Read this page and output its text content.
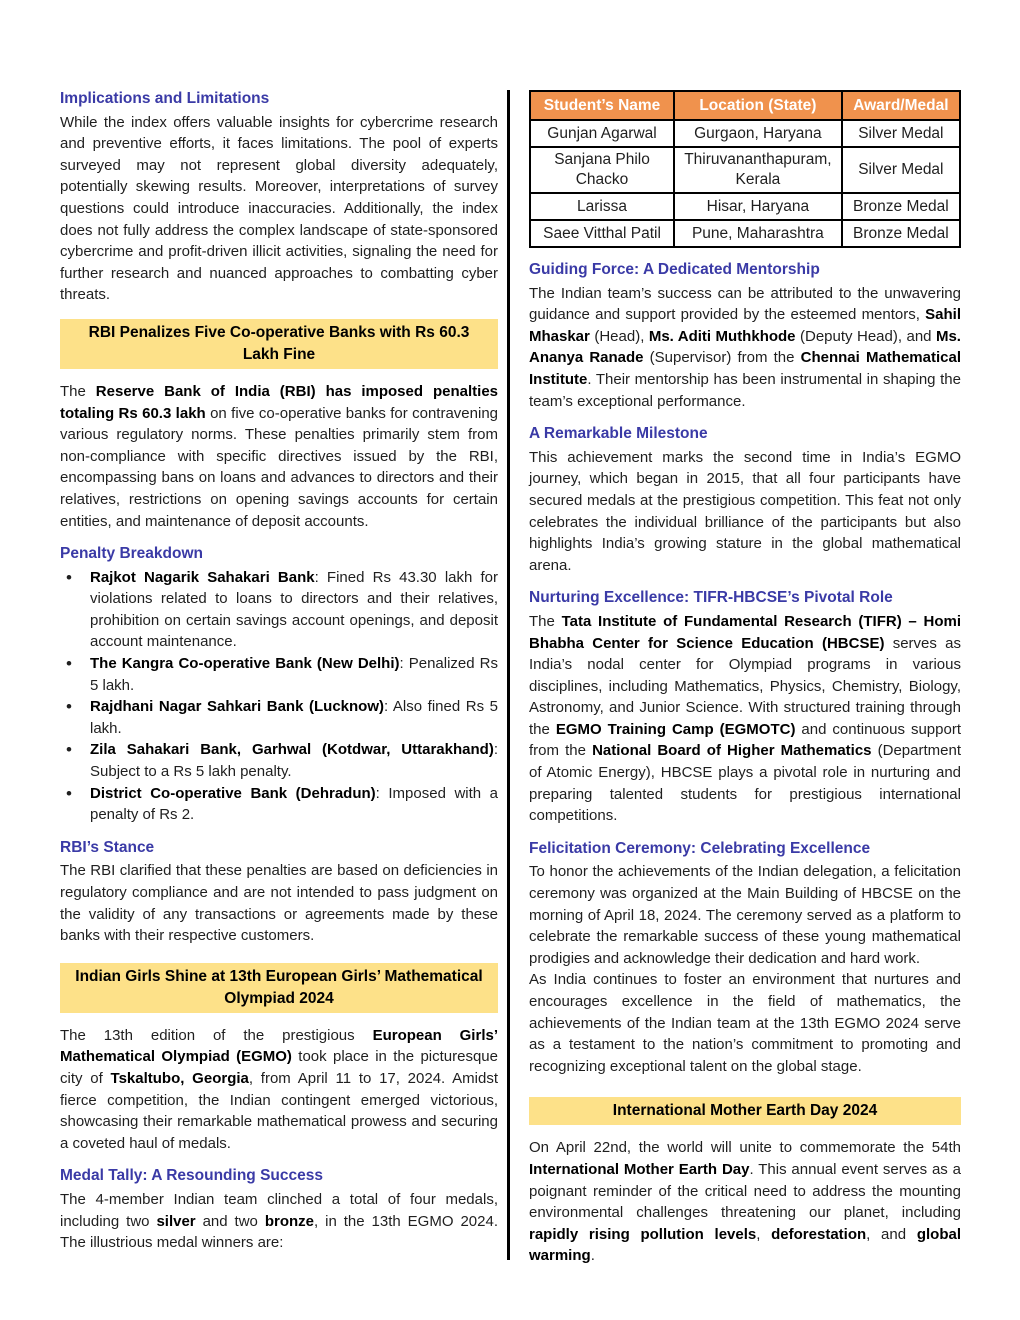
Implications and Limitations

While the index offers valuable insights for cybercrime research and preventive efforts, it faces limitations. The pool of experts surveyed may not represent global diversity adequately, potentially skewing results. Moreover, interpretations of survey questions could introduce inaccuracies. Additionally, the index does not fully address the complex landscape of state-sponsored cybercrime and profit-driven illicit activities, signaling the need for further research and nuanced approaches to combatting cyber threats.

RBI Penalizes Five Co-operative Banks with Rs 60.3 Lakh Fine

The Reserve Bank of India (RBI) has imposed penalties totaling Rs 60.3 lakh on five co-operative banks for contravening various regulatory norms. These penalties primarily stem from non-compliance with specific directives issued by the RBI, encompassing bans on loans and advances to directors and their relatives, restrictions on opening savings accounts for certain entities, and maintenance of deposit accounts.

Penalty Breakdown
• Rajkot Nagarik Sahakari Bank: Fined Rs 43.30 lakh for violations related to loans to directors and their relatives, prohibition on certain savings account openings, and deposit account maintenance.
• The Kangra Co-operative Bank (New Delhi): Penalized Rs 5 lakh.
• Rajdhani Nagar Sahkari Bank (Lucknow): Also fined Rs 5 lakh.
• Zila Sahakari Bank, Garhwal (Kotdwar, Uttarakhand): Subject to a Rs 5 lakh penalty.
• District Co-operative Bank (Dehradun): Imposed with a penalty of Rs 2.
RBI’s Stance

The RBI clarified that these penalties are based on deficiencies in regulatory compliance and are not intended to pass judgment on the validity of any transactions or agreements made by these banks with their respective customers.

Indian Girls Shine at 13th European Girls’ Mathematical Olympiad 2024

The 13th edition of the prestigious European Girls’ Mathematical Olympiad (EGMO) took place in the picturesque city of Tskaltubo, Georgia, from April 11 to 17, 2024. Amidst fierce competition, the Indian contingent emerged victorious, showcasing their remarkable mathematical prowess and securing a coveted haul of medals.

Medal Tally: A Resounding Success

The 4-member Indian team clinched a total of four medals, including two silver and two bronze, in the 13th EGMO 2024. The illustrious medal winners are:

Student’s Name	Location (State)	Award/Medal
Gunjan Agarwal	Gurgaon, Haryana	Silver Medal
Sanjana Philo Chacko	Thiruvananthapuram, Kerala	Silver Medal
Larissa	Hisar, Haryana	Bronze Medal
Saee Vitthal Patil	Pune, Maharashtra	Bronze Medal
Guiding Force: A Dedicated Mentorship

The Indian team’s success can be attributed to the unwavering guidance and support provided by the esteemed mentors, Sahil Mhaskar (Head), Ms. Aditi Muthkhode (Deputy Head), and Ms. Ananya Ranade (Supervisor) from the Chennai Mathematical Institute. Their mentorship has been instrumental in shaping the team’s exceptional performance.

A Remarkable Milestone

This achievement marks the second time in India’s EGMO journey, which began in 2015, that all four participants have secured medals at the prestigious competition. This feat not only celebrates the individual brilliance of the participants but also highlights India’s growing stature in the global mathematical arena.

Nurturing Excellence: TIFR-HBCSE’s Pivotal Role

The Tata Institute of Fundamental Research (TIFR) – Homi Bhabha Center for Science Education (HBCSE) serves as India’s nodal center for Olympiad programs in various disciplines, including Mathematics, Physics, Chemistry, Biology, Astronomy, and Junior Science. With structured training through the EGMO Training Camp (EGMOTC) and continuous support from the National Board of Higher Mathematics (Department of Atomic Energy), HBCSE plays a pivotal role in nurturing and preparing talented students for prestigious international competitions.

Felicitation Ceremony: Celebrating Excellence

To honor the achievements of the Indian delegation, a felicitation ceremony was organized at the Main Building of HBCSE on the morning of April 18, 2024. The ceremony served as a platform to celebrate the remarkable success of these young mathematical prodigies and acknowledge their dedication and hard work.

As India continues to foster an environment that nurtures and encourages excellence in the field of mathematics, the achievements of the Indian team at the 13th EGMO 2024 serve as a testament to the nation’s commitment to promoting and recognizing exceptional talent on the global stage.

International Mother Earth Day 2024

On April 22nd, the world will unite to commemorate the 54th International Mother Earth Day. This annual event serves as a poignant reminder of the critical need to address the mounting environmental challenges threatening our planet, including rapidly rising pollution levels, deforestation, and global warming.
